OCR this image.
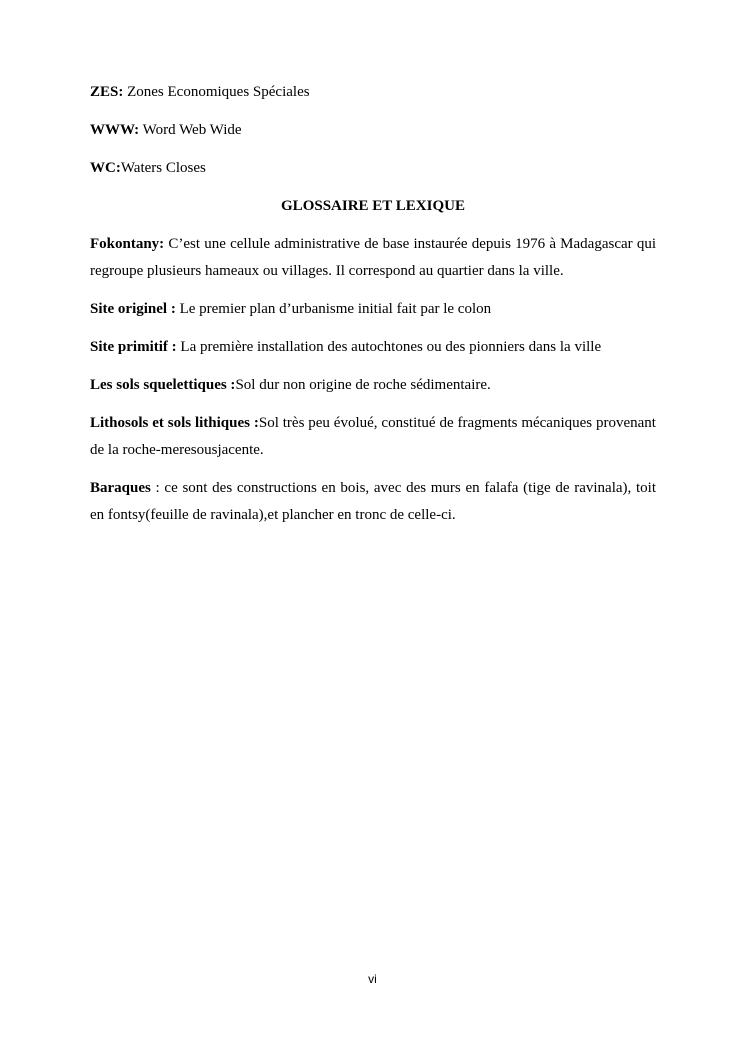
ZES: Zones Economiques Spéciales

WWW: Word Web Wide

WC:Waters Closes

GLOSSAIRE ET LEXIQUE

Fokontany: C’est une cellule administrative de base instaurée depuis 1976 à Madagascar qui regroupe plusieurs hameaux ou villages. Il correspond au quartier dans la ville.

Site originel : Le premier plan d’urbanisme initial fait par le colon

Site primitif : La première installation des autochtones ou des pionniers dans la ville

Les sols squelettiques :Sol dur non origine de roche sédimentaire.

Lithosols et sols lithiques :Sol très peu évolué, constitué de fragments mécaniques provenant de la roche-meresousjacente.

Baraques : ce sont des constructions en bois, avec des murs en falafa (tige de ravinala), toit en fontsy(feuille de ravinala),et plancher en tronc de celle-ci.

vi
